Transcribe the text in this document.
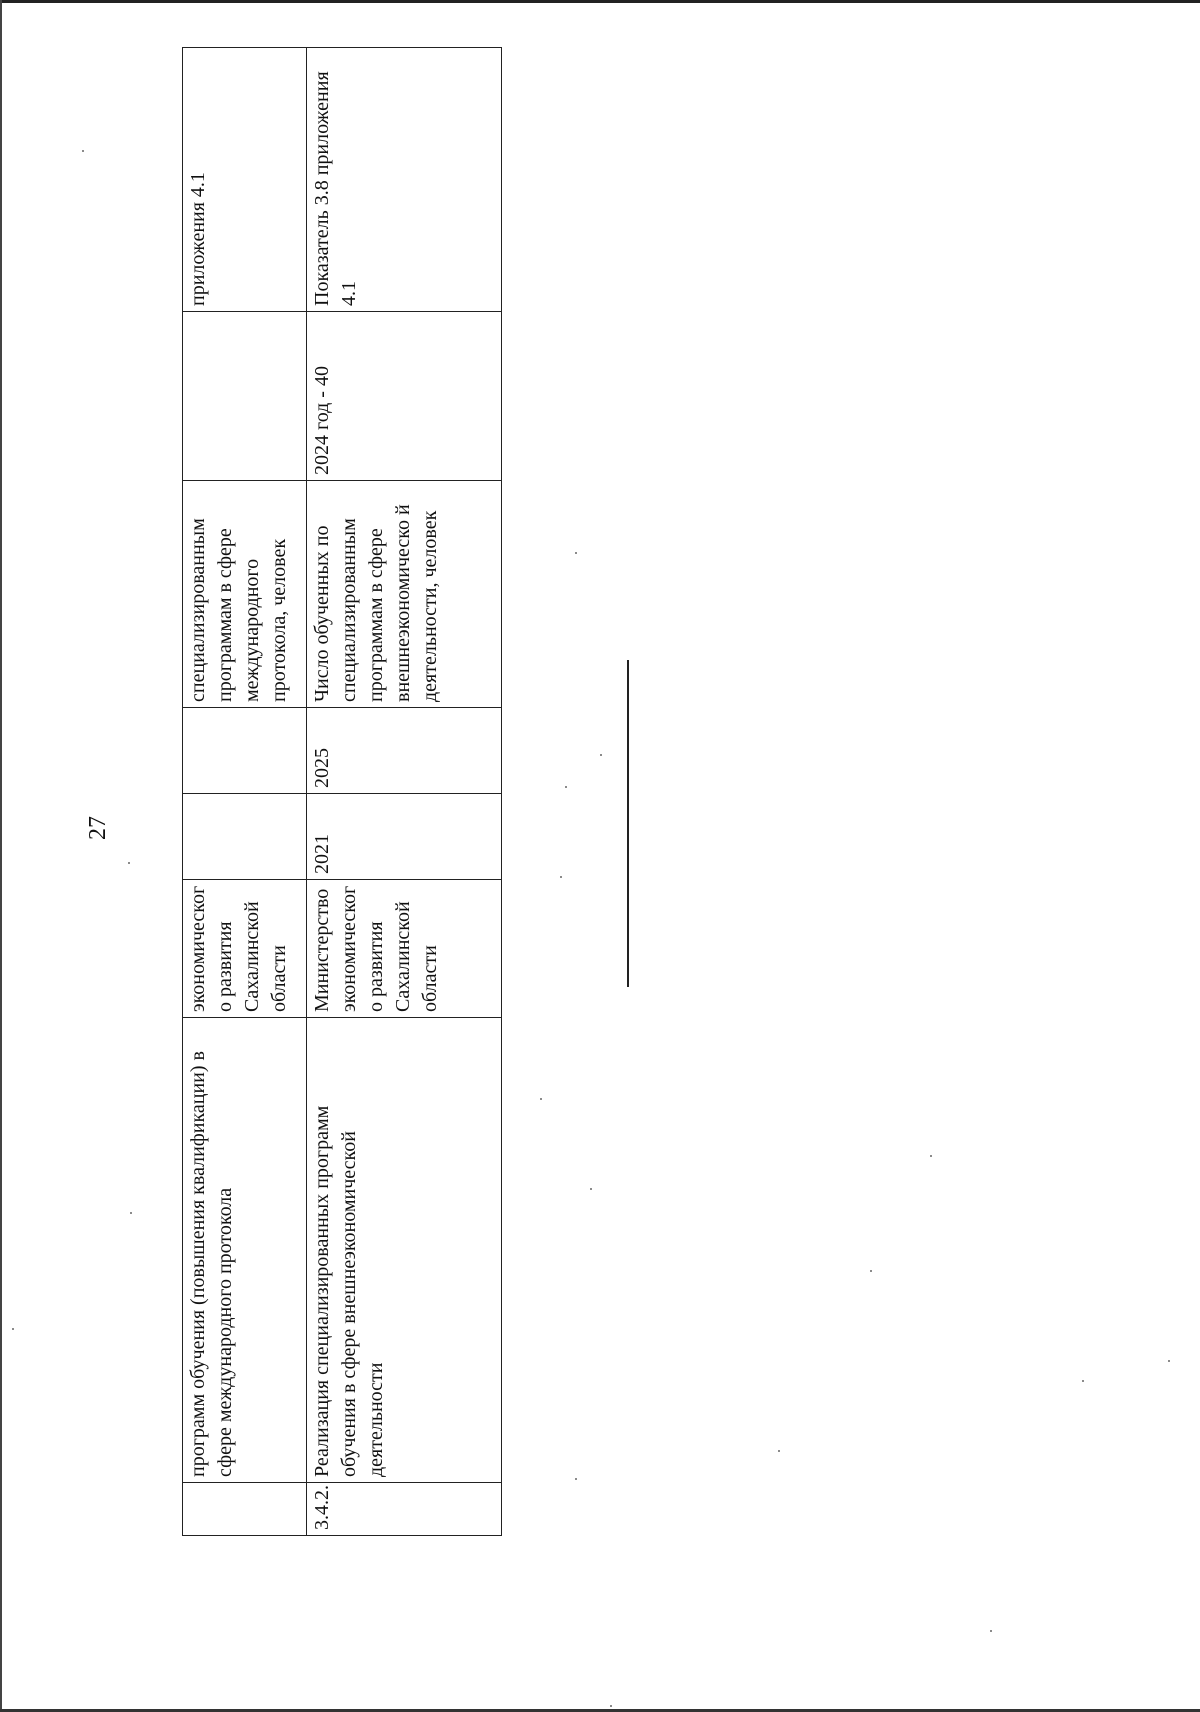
27
	программ обучения (повышения квалификации) в сфере международного протокола	экономическог о развития Сахалинской области			специализированным программам в сфере международного протокола, человек		приложения 4.1
3.4.2.	Реализация специализированных программ обучения в сфере внешнеэкономической деятельности	Министерство экономическог о развития Сахалинской области	2021	2025	Число обученных по специализированным программам в сфере внешнеэкономическо й деятельности, человек	2024 год - 40	Показатель 3.8 приложения 4.1
